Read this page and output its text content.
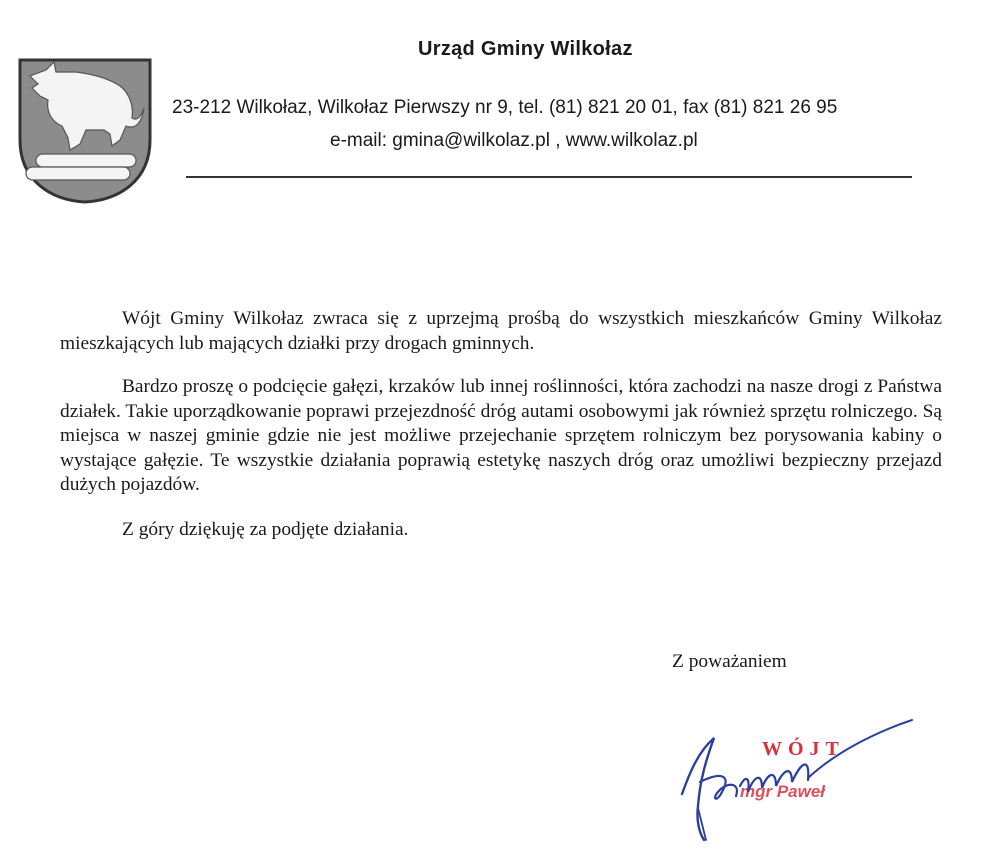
Urząd Gminy Wilkołaz
23-212 Wilkołaz, Wilkołaz Pierwszy nr 9, tel. (81) 821 20 01, fax (81) 821 26 95
e-mail: gmina@wilkolaz.pl , www.wilkolaz.pl

Wójt Gminy Wilkołaz zwraca się z uprzejmą prośbą do wszystkich mieszkańców Gminy Wilkołaz mieszkających lub mających działki przy drogach gminnych.

Bardzo proszę o podcięcie gałęzi, krzaków lub innej roślinności, która zachodzi na nasze drogi z Państwa działek. Takie uporządkowanie poprawi przejezdność dróg autami osobowymi jak również sprzętu rolniczego. Są miejsca w naszej gminie gdzie nie jest możliwe przejechanie sprzętem rolniczym bez porysowania kabiny o wystające gałęzie. Te wszystkie działania poprawią estetykę naszych dróg oraz umożliwi bezpieczny przejazd dużych pojazdów.

Z góry dziękuję za podjęte działania.

Z poważaniem

WÓJT
mgr Paweł
